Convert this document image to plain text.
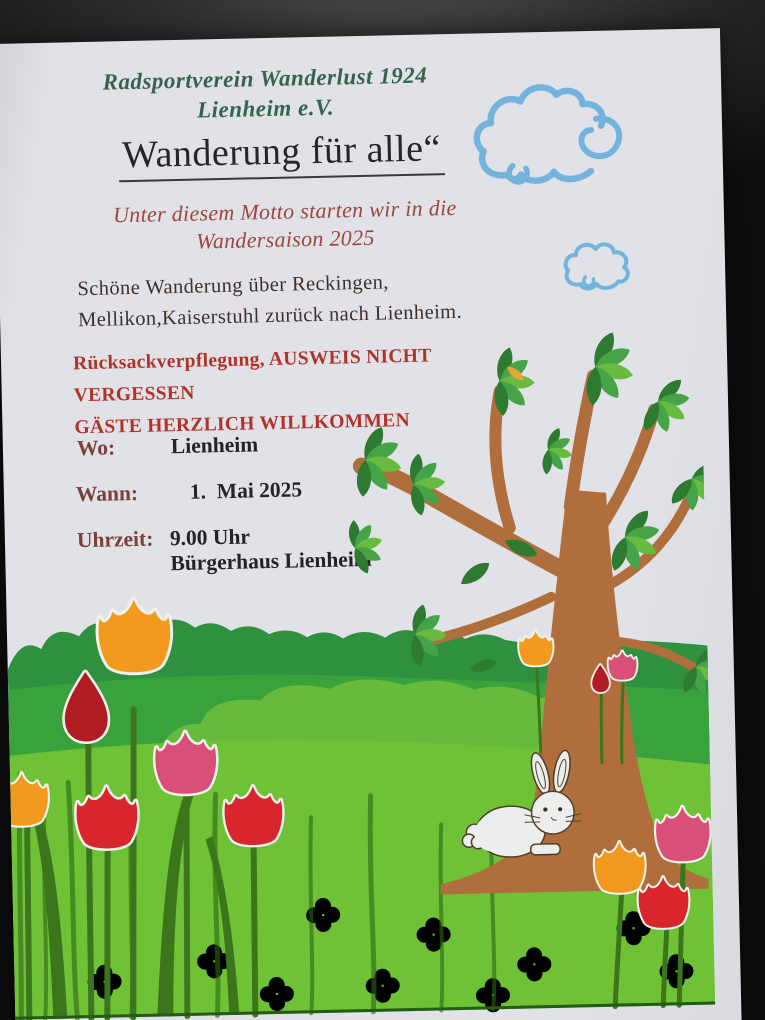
Radsportverein Wanderlust 1924
Lienheim e.V.
Wanderung für alle“
Unter diesem Motto starten wir in die
Wandersaison 2025
Schöne Wanderung über Reckingen,
Mellikon,Kaiserstuhl zurück nach Lienheim.
Rücksackverpflegung, AUSWEIS NICHT
VERGESSEN
GÄSTE HERZLICH WILLKOMMEN
Wo:	Lienheim
Wann: 1.  Mai 2025
Uhrzeit: 9.00 Uhr
Bürgerhaus Lienheim
